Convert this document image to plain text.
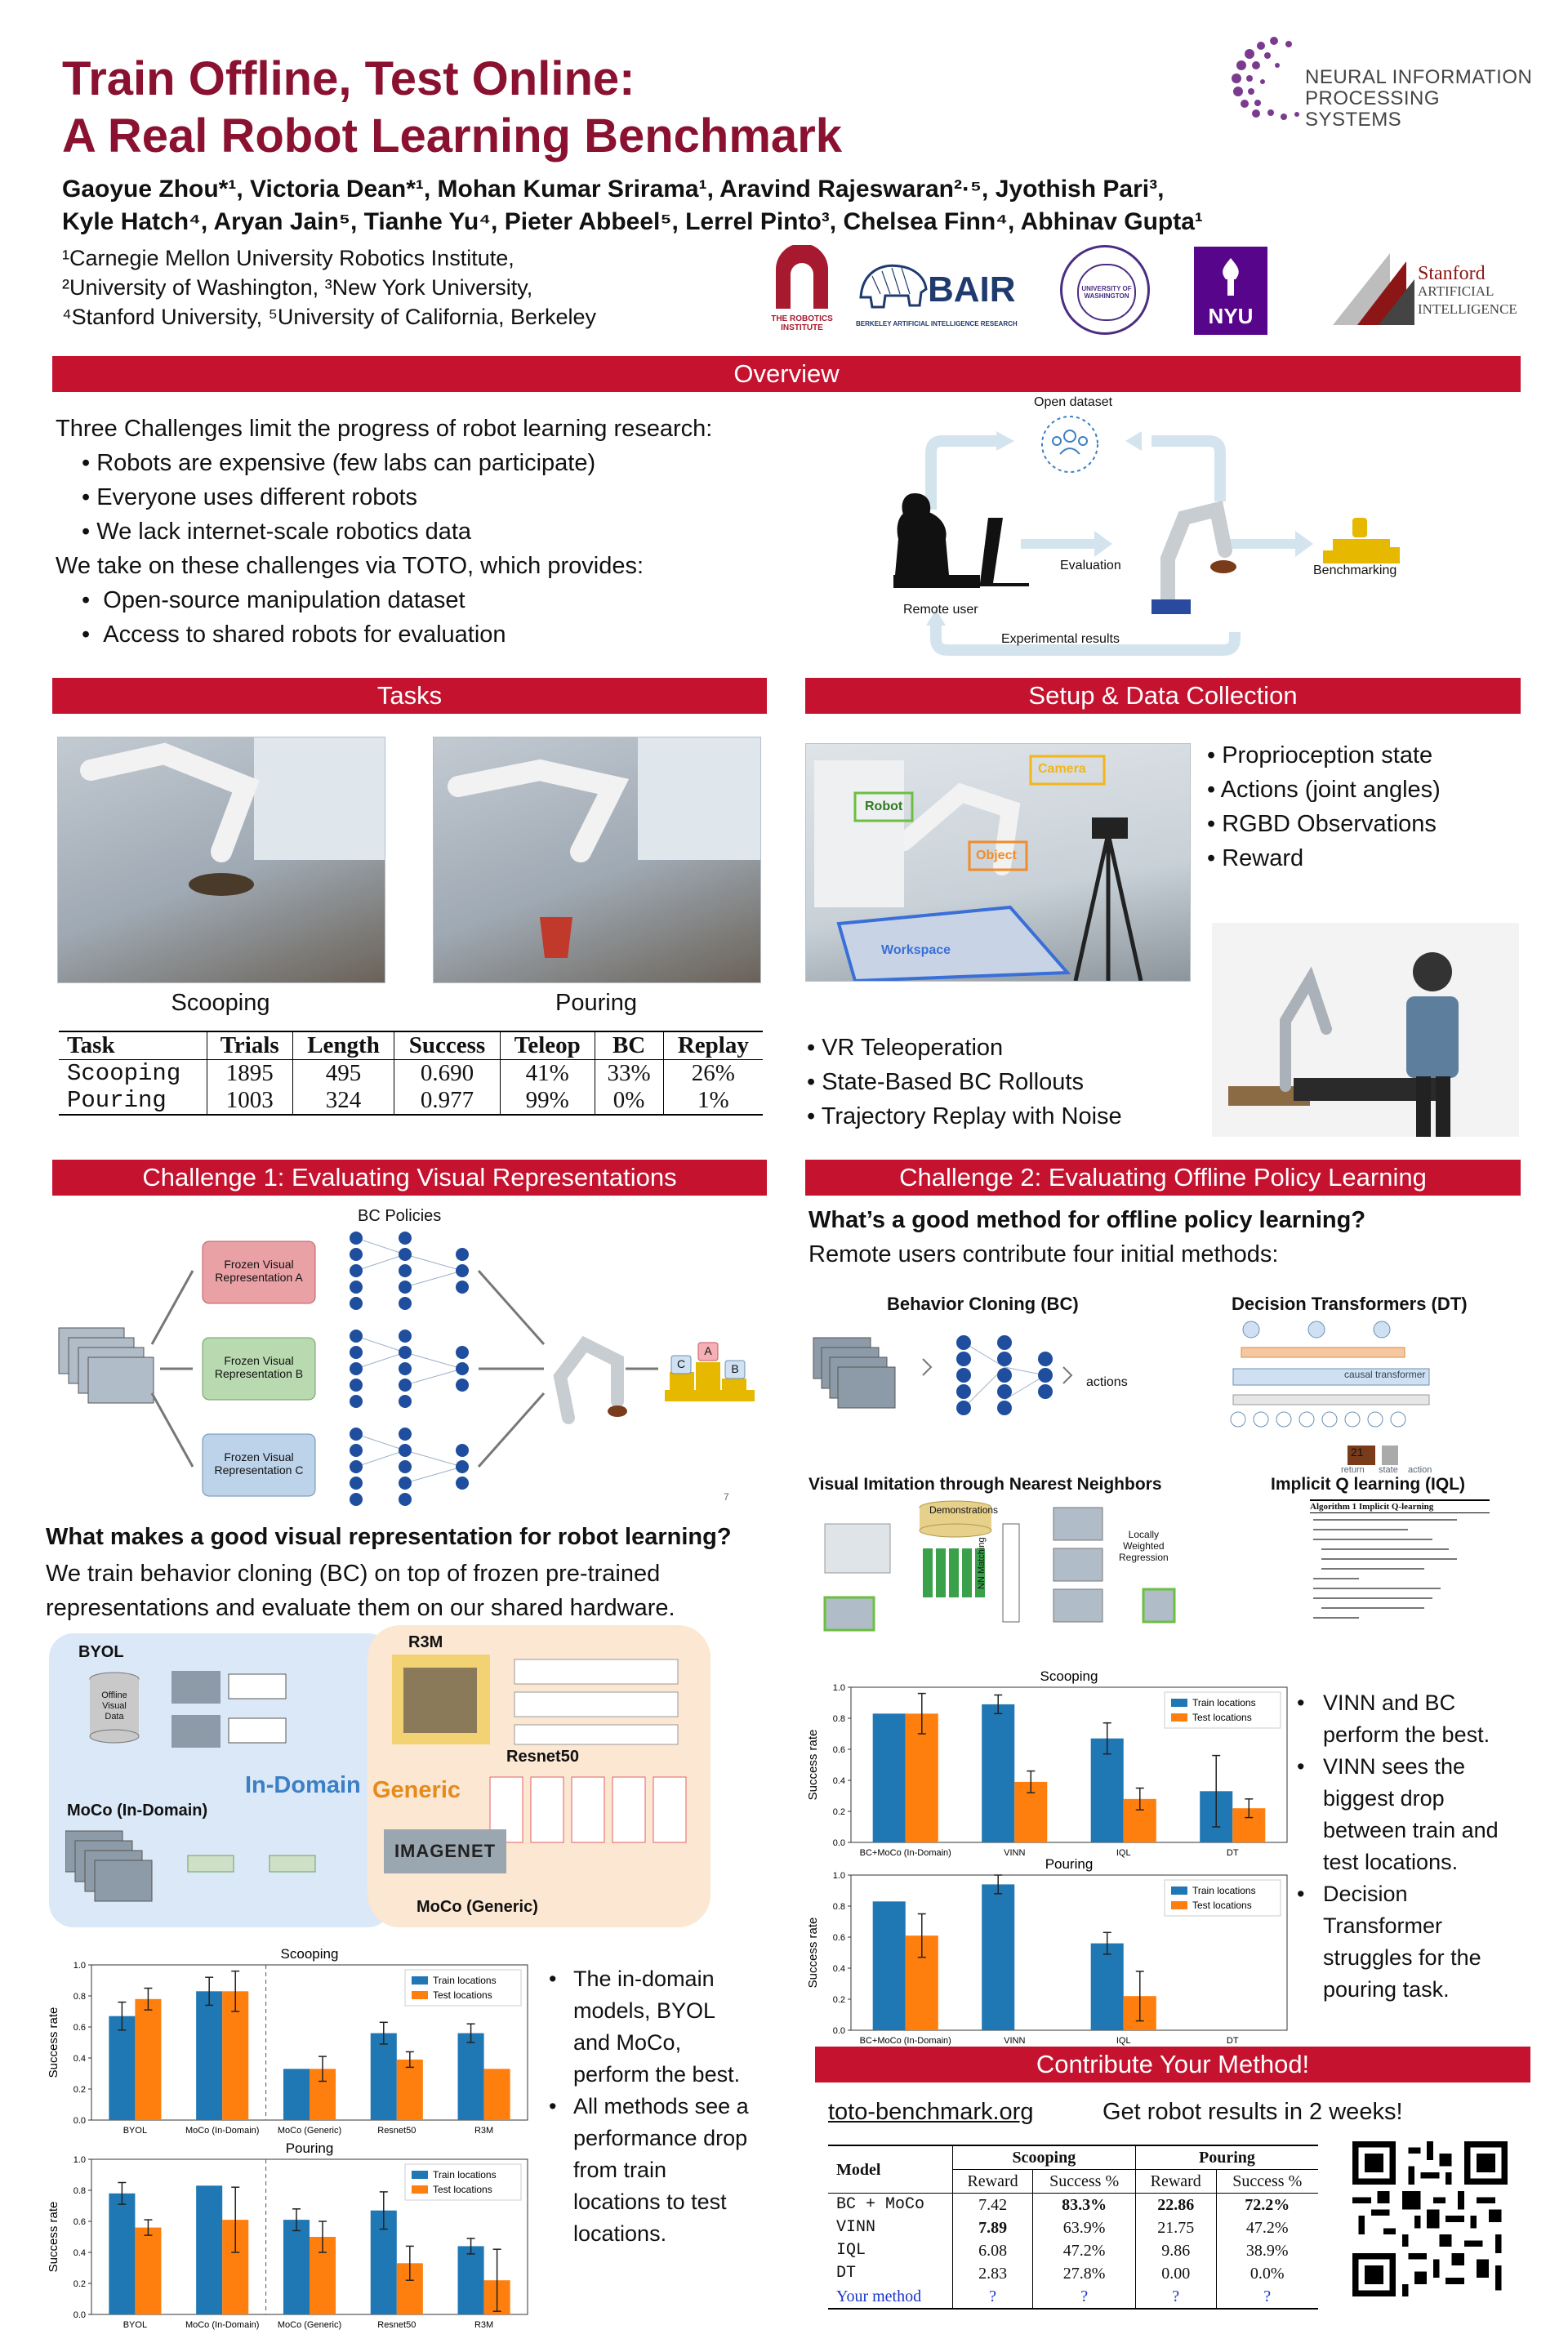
Train Offline, Test Online:
A Real Robot Learning Benchmark
Gaoyue Zhou*¹, Victoria Dean*¹, Mohan Kumar Srirama¹, Aravind Rajeswaran²·⁵, Jyothish Pari³,
Kyle Hatch⁴, Aryan Jain⁵, Tianhe Yu⁴, Pieter Abbeel⁵, Lerrel Pinto³, Chelsea Finn⁴, Abhinav Gupta¹
¹Carnegie Mellon University Robotics Institute,
²University of Washington, ³New York University,
⁴Stanford University, ⁵University of California, Berkeley
NEURAL INFORMATION
PROCESSING SYSTEMS
THE ROBOTICS INSTITUTE
BAIR
BERKELEY ARTIFICIAL INTELLIGENCE RESEARCH
UNIVERSITY OF WASHINGTON
NYU
Stanford
ARTIFICIAL
INTELLIGENCE
Overview
Three Challenges limit the progress of robot learning research:
• Robots are expensive (few labs can participate)
• Everyone uses different robots
• We lack internet-scale robotics data
We take on these challenges via TOTO, which provides:
•  Open-source manipulation dataset
•  Access to shared robots for evaluation
Open dataset
Evaluation
Remote user
Benchmarking
Experimental results
Tasks
Scooping	Pouring
Task	Trials	Length	Success	Teleop	BC	Replay
Scooping	1895	495	0.690	41%	33%	26%
Pouring	1003	324	0.977	99%	0%	1%
Setup & Data Collection
Robot
Camera
Object
Workspace
• Proprioception state
• Actions (joint angles)
• RGBD Observations
• Reward
• VR Teleoperation
• State-Based BC Rollouts
• Trajectory Replay with Noise
Challenge 1: Evaluating Visual Representations
BC Policies
Frozen Visual
Representation A
Frozen Visual
Representation B
Frozen Visual
Representation C
C
A
B
7
What makes a good visual representation for robot learning?
We train behavior cloning (BC) on top of frozen pre-trained
representations and evaluate them on our shared hardware.
BYOL
Offline
Visual
Data
In-Domain
MoCo (In-Domain)
R3M
Resnet50
Generic
IMAGENET
MoCo (Generic)
Scooping
Success rate
0.0
0.2
0.4
0.6
0.8
1.0
BYOL	MoCo (In-Domain) MoCo (Generic)	Resnet50	R3M
Train locations
Test locations
Pouring
Success rate
0.0
0.2
0.4
0.6
0.8
1.0
BYOL	MoCo (In-Domain) MoCo (Generic)	Resnet50	R3M
Train locations
Test locations
• The in-domain
models, BYOL
and MoCo,
perform the best.
• All methods see a
performance drop
from train
locations to test
locations.
Challenge 2: Evaluating Offline Policy Learning
What’s a good method for offline policy learning?
Remote users contribute four initial methods:
Behavior Cloning (BC)	Decision Transformers (DT)
actions
causal transformer
21
return state action
Visual Imitation through Nearest Neighbors	Implicit Q learning (IQL)
Demonstrations
NN Matching
Locally
Weighted
Regression
Algorithm 1 Implicit Q-learning
Scooping
Success rate
0.0
0.2
0.4
0.6
0.8
1.0
BC+MoCo (In-Domain)	VINN	IQL	DT
Train locations
Test locations
Pouring
Success rate
0.0
0.2
0.4
0.6
0.8
1.0
BC+MoCo (In-Domain)	VINN	IQL	DT
Train locations
Test locations
• VINN and BC
perform the best.
• VINN sees the
biggest drop
between train and
test locations.
• Decision
Transformer
struggles for the
pouring task.
Contribute Your Method!
toto-benchmark.org	Get robot results in 2 weeks!
Model	Scooping		Pouring	
	Reward	Success %	Reward	Success %
BC + MoCo	7.42	83.3%	22.86	72.2%
VINN	7.89	63.9%	21.75	47.2%
IQL	6.08	47.2%	9.86	38.9%
DT	2.83	27.8%	0.00	0.0%
Your method	?	?	?	?
